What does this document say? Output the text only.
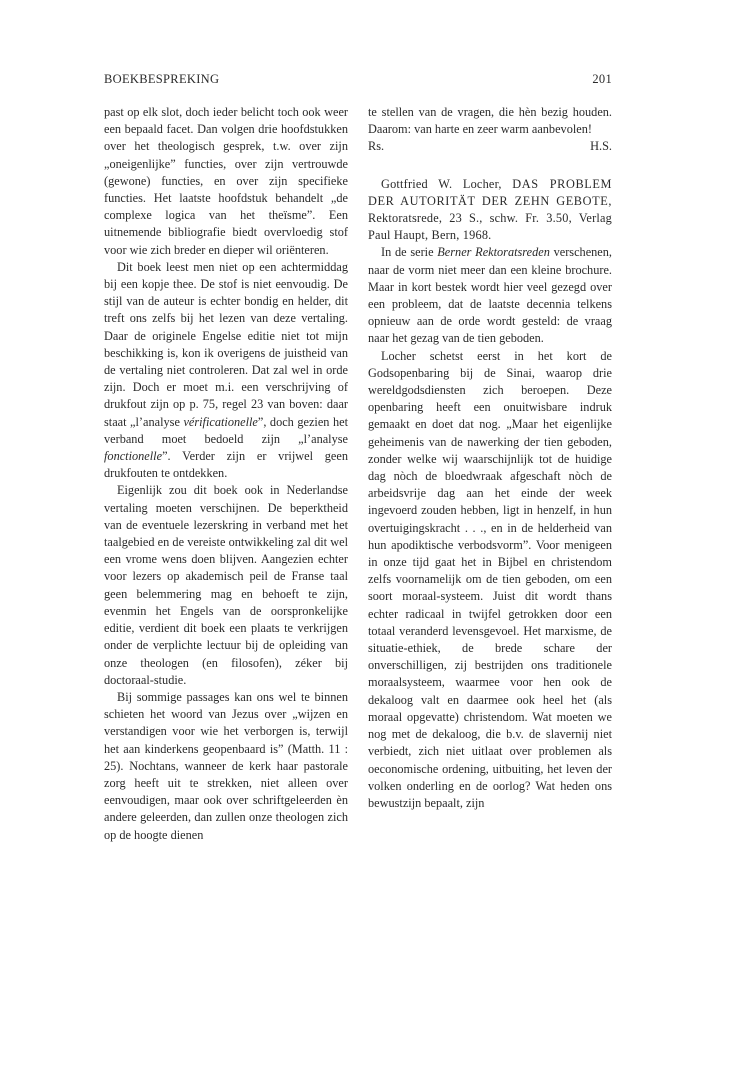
BOEKBESPREKING	201

past op elk slot, doch ieder belicht toch ook weer een bepaald facet. Dan volgen drie hoofdstukken over het theologisch gesprek, t.w. over zijn „oneigenlijke” functies, over zijn vertrouwde (gewone) functies, en over zijn specifieke functies. Het laatste hoofdstuk behandelt „de complexe logica van het theïsme”. Een uitnemende bibliografie biedt overvloedig stof voor wie zich breder en dieper wil oriënteren.

Dit boek leest men niet op een achtermiddag bij een kopje thee. De stof is niet eenvoudig. De stijl van de auteur is echter bondig en helder, dit treft ons zelfs bij het lezen van deze vertaling. Daar de originele Engelse editie niet tot mijn beschikking is, kon ik overigens de juistheid van de vertaling niet controleren. Dat zal wel in orde zijn. Doch er moet m.i. een verschrijving of drukfout zijn op p. 75, regel 23 van boven: daar staat „l’analyse vérificationelle”, doch gezien het verband moet bedoeld zijn „l’analyse fonctionelle”. Verder zijn er vrijwel geen drukfouten te ontdekken.

Eigenlijk zou dit boek ook in Nederlandse vertaling moeten verschijnen. De beperktheid van de eventuele lezerskring in verband met het taalgebied en de vereiste ontwikkeling zal dit wel een vrome wens doen blijven. Aangezien echter voor lezers op akademisch peil de Franse taal geen belemmering mag en behoeft te zijn, evenmin het Engels van de oorspronkelijke editie, verdient dit boek een plaats te verkrijgen onder de verplichte lectuur bij de opleiding van onze theologen (en filosofen), zéker bij doctoraal-studie.

Bij sommige passages kan ons wel te binnen schieten het woord van Jezus over „wijzen en verstandigen voor wie het verborgen is, terwijl het aan kinderkens geopenbaard is” (Matth. 11 : 25). Nochtans, wanneer de kerk haar pastorale zorg heeft uit te strekken, niet alleen over eenvoudigen, maar ook over schriftgeleerden èn andere geleerden, dan zullen onze theologen zich op de hoogte dienen

te stellen van de vragen, die hèn bezig houden. Daarom: van harte en zeer warm aanbevolen!

Rs.	H.S.

Gottfried W. Locher, DAS PROBLEM DER AUTORITÄT DER ZEHN GEBOTE, Rektoratsrede, 23 S., schw. Fr. 3.50, Verlag Paul Haupt, Bern, 1968.

In de serie Berner Rektoratsreden verschenen, naar de vorm niet meer dan een kleine brochure. Maar in kort bestek wordt hier veel gezegd over een probleem, dat de laatste decennia telkens opnieuw aan de orde wordt gesteld: de vraag naar het gezag van de tien geboden.

Locher schetst eerst in het kort de Godsopenbaring bij de Sinai, waarop drie wereldgodsdiensten zich beroepen. Deze openbaring heeft een onuitwisbare indruk gemaakt en doet dat nog. „Maar het eigenlijke geheimenis van de nawerking der tien geboden, zonder welke wij waarschijnlijk tot de huidige dag nòch de bloedwraak afgeschaft nòch de arbeidsvrije dag aan het einde der week ingevoerd zouden hebben, ligt in henzelf, in hun overtuigingskracht . . ., en in de helderheid van hun apodiktische verbodsvorm”. Voor menigeen in onze tijd gaat het in Bijbel en christendom zelfs voornamelijk om de tien geboden, om een soort moraal-systeem. Juist dit wordt thans echter radicaal in twijfel getrokken door een totaal veranderd levensgevoel. Het marxisme, de situatie-ethiek, de brede schare der onverschilligen, zij bestrijden ons traditionele moraalsysteem, waarmee voor hen ook de dekaloog valt en daarmee ook heel het (als moraal opgevatte) christendom. Wat moeten we nog met de dekaloog, die b.v. de slavernij niet verbiedt, zich niet uitlaat over problemen als oeconomische ordening, uitbuiting, het leven der volken onderling en de oorlog? Wat heden ons bewustzijn bepaalt, zijn
